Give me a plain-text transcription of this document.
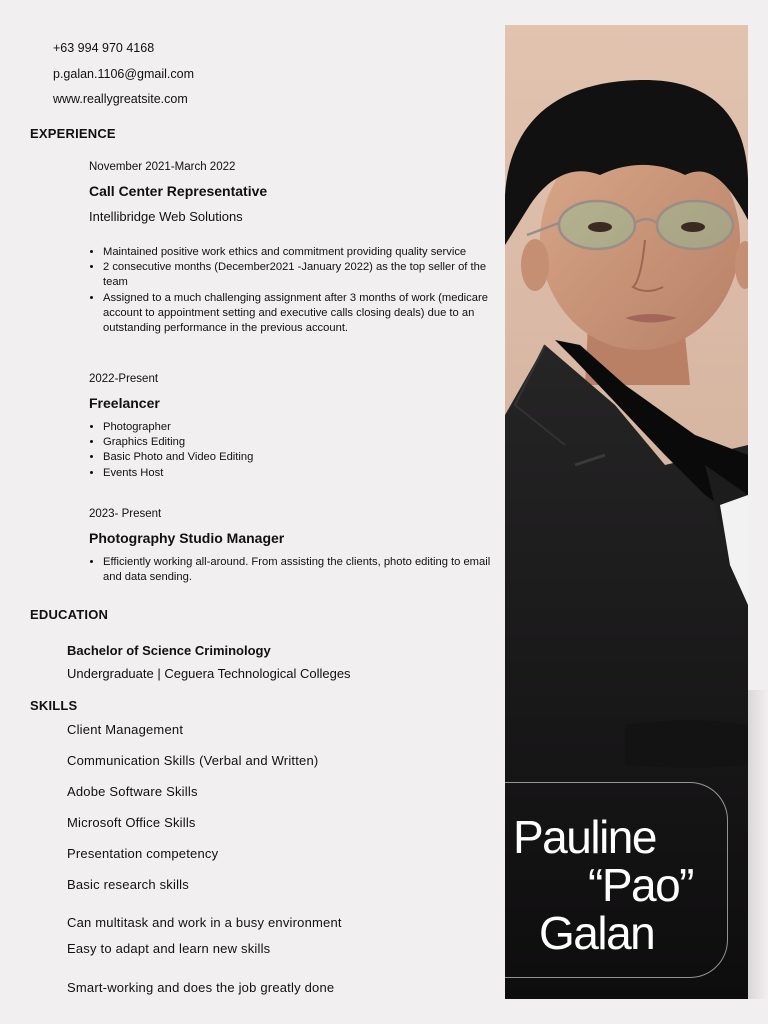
+63 994 970 4168
p.galan.1106@gmail.com
www.reallygreatsite.com
EXPERIENCE
November 2021-March 2022
Call Center Representative
Intellibridge Web Solutions
• Maintained positive work ethics and commitment providing quality service
• 2 consecutive months (December2021 -January 2022) as the top seller of the team
• Assigned to a much challenging assignment after 3 months of work (medicare account to appointment setting and executive calls closing deals) due to an outstanding performance in the previous account.
2022-Present
Freelancer
• Photographer
• Graphics Editing
• Basic Photo and Video Editing
• Events Host
2023- Present
Photography Studio Manager
• Efficiently working all-around. From assisting the clients, photo editing to email and data sending.
EDUCATION
Bachelor of Science Criminology
Undergraduate | Ceguera Technological Colleges
SKILLS
Client Management
Communication Skills (Verbal and Written)
Adobe Software Skills
Microsoft Office Skills
Presentation competency
Basic research skills
Can multitask and work in a busy environment
Easy to adapt and learn new skills
Smart-working and does the job greatly done
Pauline
“Pao”
Galan
